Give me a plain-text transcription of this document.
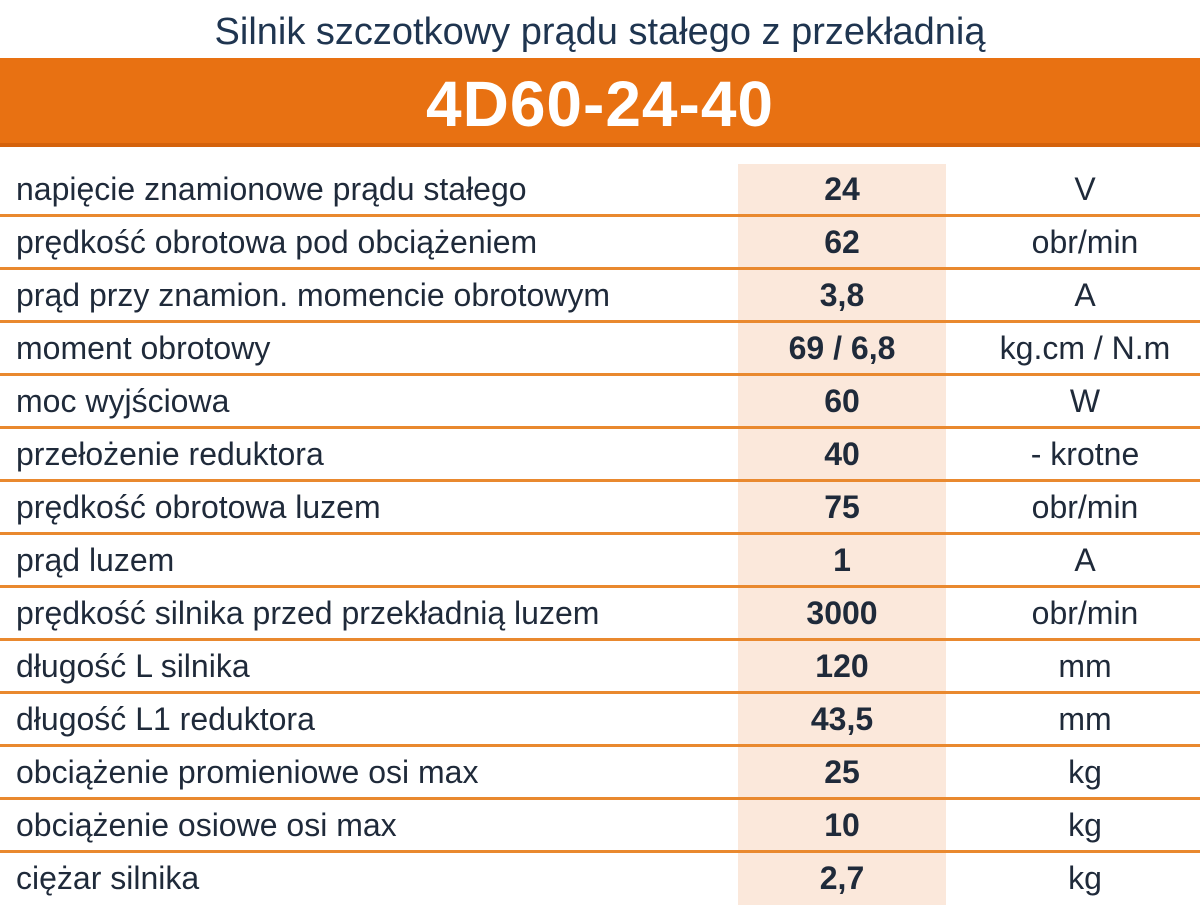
Silnik szczotkowy prądu stałego z przekładnią
4D60-24-40
napięcie znamionowe prądu stałego	24	V
prędkość obrotowa pod obciążeniem	62	obr/min
prąd przy znamion. momencie obrotowym	3,8	A
moment obrotowy	69 / 6,8	kg.cm / N.m
moc wyjściowa	60	W
przełożenie reduktora	40	- krotne
prędkość obrotowa luzem	75	obr/min
prąd luzem	1	A
prędkość silnika przed przekładnią luzem	3000	obr/min
długość L silnika	120	mm
długość L1 reduktora	43,5	mm
obciążenie promieniowe osi max	25	kg
obciążenie osiowe osi max	10	kg
ciężar silnika	2,7	kg
